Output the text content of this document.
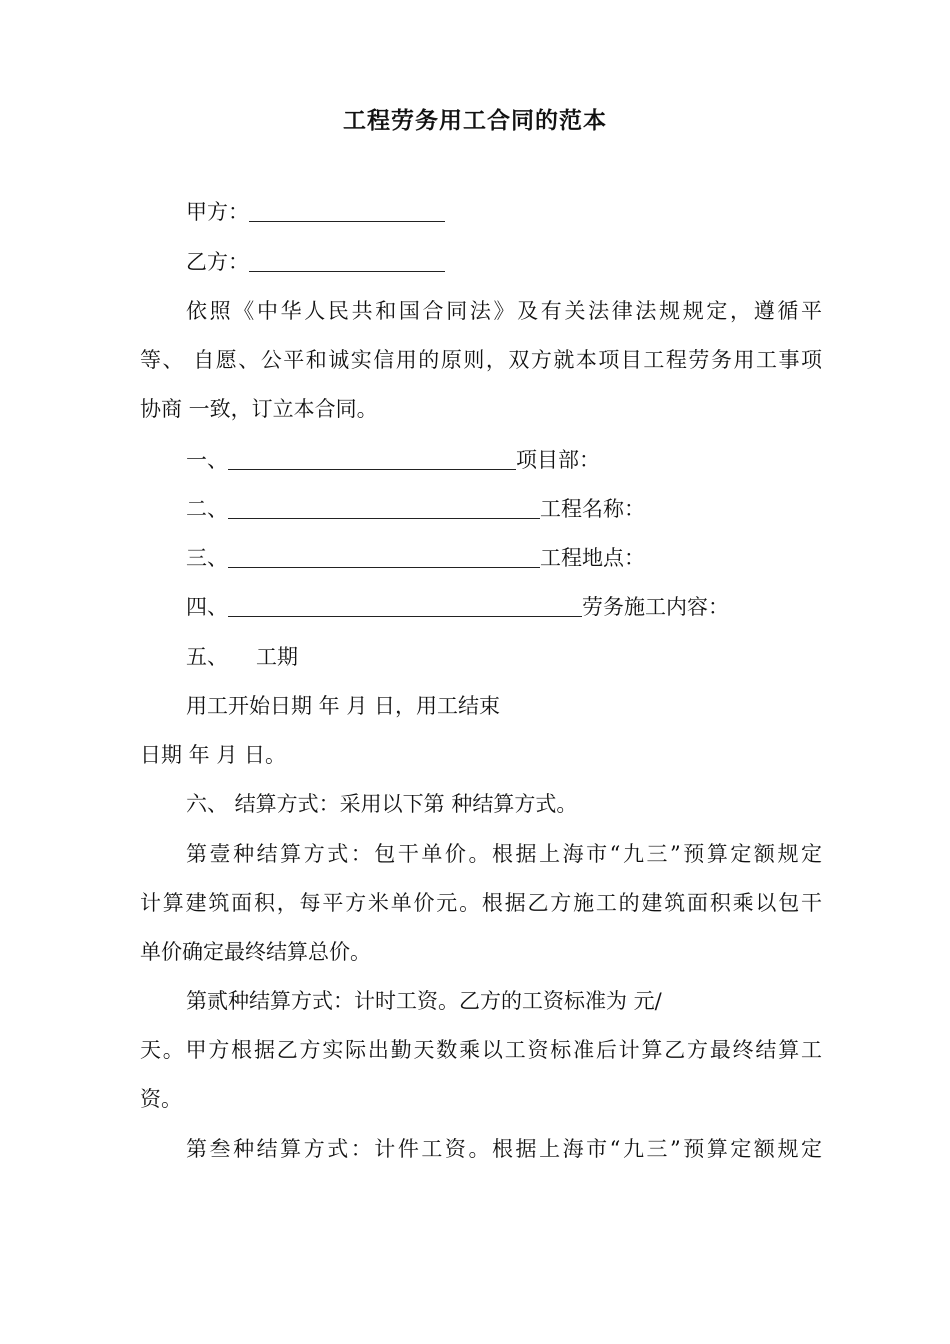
工程劳务用工合同的范本
甲方：
乙方：
依照《中华人民共和国合同法》及有关法律法规规定，遵循平
等、 自愿、公平和诚实信用的原则，双方就本项目工程劳务用工事项
协商 一致，订立本合同。
一、	项目部：
二、	工程名称：
三、	工程地点：
四、	劳务施工内容：
五、 工期
用工开始日期 年 月 日，用工结束
日期 年 月 日。
六、 结算方式：采用以下第 种结算方式。
第壹种结算方式：包干单价。根据上海市“九三”预算定额规定
计算建筑面积，每平方米单价元。根据乙方施工的建筑面积乘以包干
单价确定最终结算总价。
第贰种结算方式：计时工资。乙方的工资标准为 元/
天。甲方根据乙方实际出勤天数乘以工资标准后计算乙方最终结算工
资。
第叁种结算方式：计件工资。根据上海市“九三”预算定额规定
